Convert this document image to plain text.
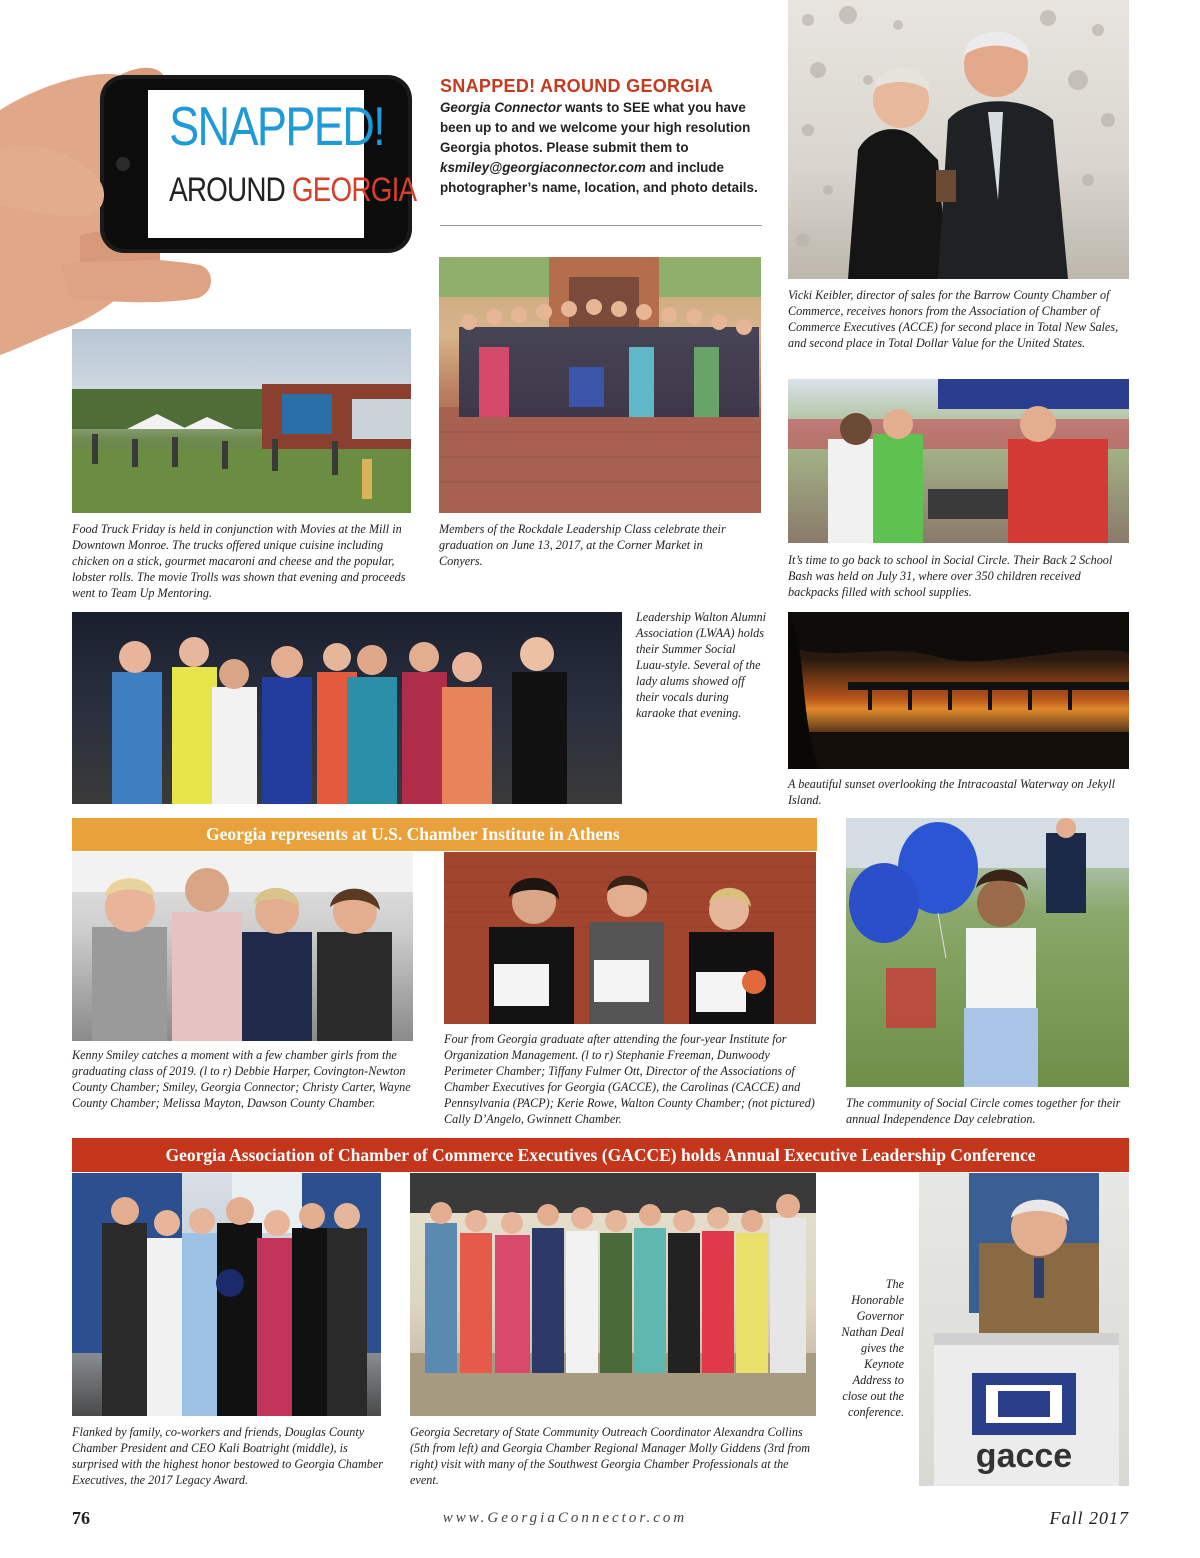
SNAPPED!
AROUND GEORGIA
SNAPPED! AROUND GEORGIA
Georgia Connector wants to SEE what you have been up to and we welcome your high resolution Georgia photos. Please submit them to ksmiley@georgiaconnector.com and include photographer’s name, location, and photo details.
Vicki Keibler, director of sales for the Barrow County Chamber of Commerce, receives honors from the Association of Chamber of Commerce Executives (ACCE) for second place in Total New Sales, and second place in Total Dollar Value for the United States.
Members of the Rockdale Leadership Class celebrate their graduation on June 13, 2017, at the Corner Market in Conyers.
Food Truck Friday is held in conjunction with Movies at the Mill in Downtown Monroe. The trucks offered unique cuisine including chicken on a stick, gourmet macaroni and cheese and the popular, lobster rolls. The movie Trolls was shown that evening and proceeds went to Team Up Mentoring.
It’s time to go back to school in Social Circle. Their Back 2 School Bash was held on July 31, where over 350 children received backpacks filled with school supplies.
Leadership Walton Alumni Association (LWAA) holds their Summer Social Luau-style. Several of the lady alums showed off their vocals during karaoke that evening.
A beautiful sunset overlooking the Intracoastal Waterway on Jekyll Island.
Georgia represents at U.S. Chamber Institute in Athens
Kenny Smiley catches a moment with a few chamber girls from the graduating class of 2019. (l to r) Debbie Harper, Covington-Newton County Chamber; Smiley, Georgia Connector; Christy Carter, Wayne County Chamber; Melissa Mayton, Dawson County Chamber.
Four from Georgia graduate after attending the four-year Institute for Organization Management. (l to r) Stephanie Freeman, Dunwoody Perimeter Chamber; Tiffany Fulmer Ott, Director of the Associations of Chamber Executives for Georgia (GACCE), the Carolinas (CACCE) and Pennsylvania (PACP); Kerie Rowe, Walton County Chamber; (not pictured) Cally D’Angelo, Gwinnett Chamber.
The community of Social Circle comes together for their annual Independence Day celebration.
Georgia Association of Chamber of Commerce Executives (GACCE) holds Annual Executive Leadership Conference
Flanked by family, co-workers and friends, Douglas County Chamber President and CEO Kali Boatright (middle), is surprised with the highest honor bestowed to Georgia Chamber Executives, the 2017 Legacy Award.
Georgia Secretary of State Community Outreach Coordinator Alexandra Collins (5th from left) and Georgia Chamber Regional Manager Molly Giddens (3rd from right) visit with many of the Southwest Georgia Chamber Professionals at the event.
The Honorable Governor Nathan Deal gives the Keynote Address to close out the conference.
gacce
76	www.GeorgiaConnector.com	Fall 2017
